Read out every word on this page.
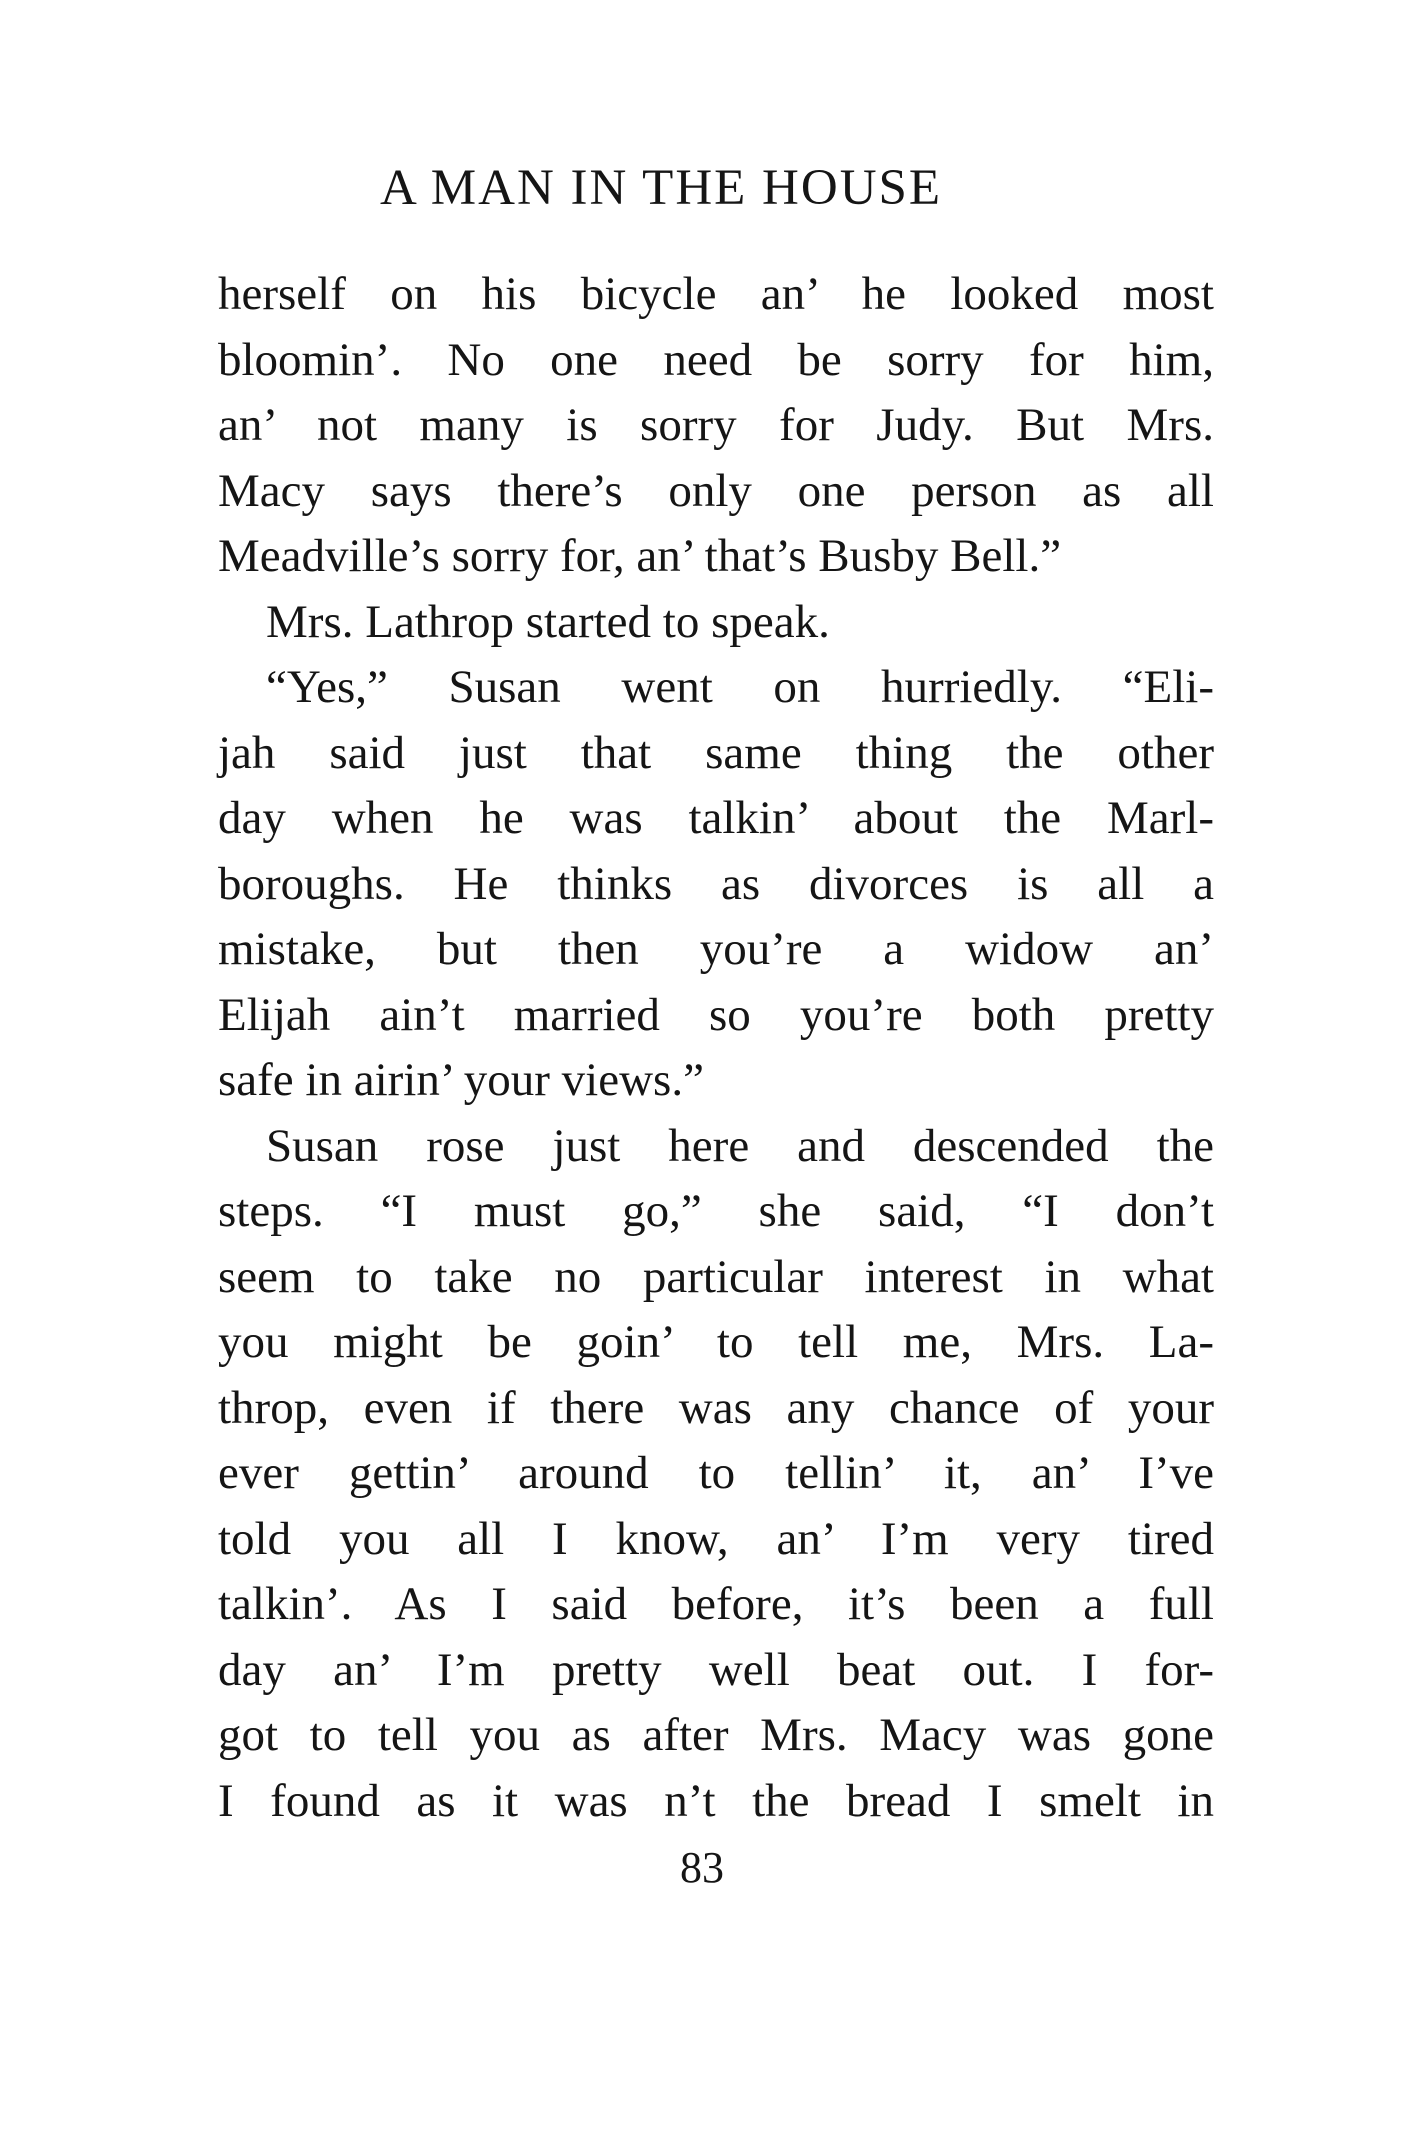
A MAN IN THE HOUSE
herself on his bicycle an’ he looked most
bloomin’. No one need be sorry for him,
an’ not many is sorry for Judy. But Mrs.
Macy says there’s only one person as all
Meadville’s sorry for, an’ that’s Busby Bell.”
Mrs. Lathrop started to speak.
“Yes,” Susan went on hurriedly. “Eli-
jah said just that same thing the other
day when he was talkin’ about the Marl-
boroughs. He thinks as divorces is all a
mistake, but then you’re a widow an’
Elijah ain’t married so you’re both pretty
safe in airin’ your views.”
Susan rose just here and descended the
steps. “I must go,” she said, “I don’t
seem to take no particular interest in what
you might be goin’ to tell me, Mrs. La-
throp, even if there was any chance of your
ever gettin’ around to tellin’ it, an’ I’ve
told you all I know, an’ I’m very tired
talkin’. As I said before, it’s been a full
day an’ I’m pretty well beat out. I for-
got to tell you as after Mrs. Macy was gone
I found as it was n’t the bread I smelt in
83
